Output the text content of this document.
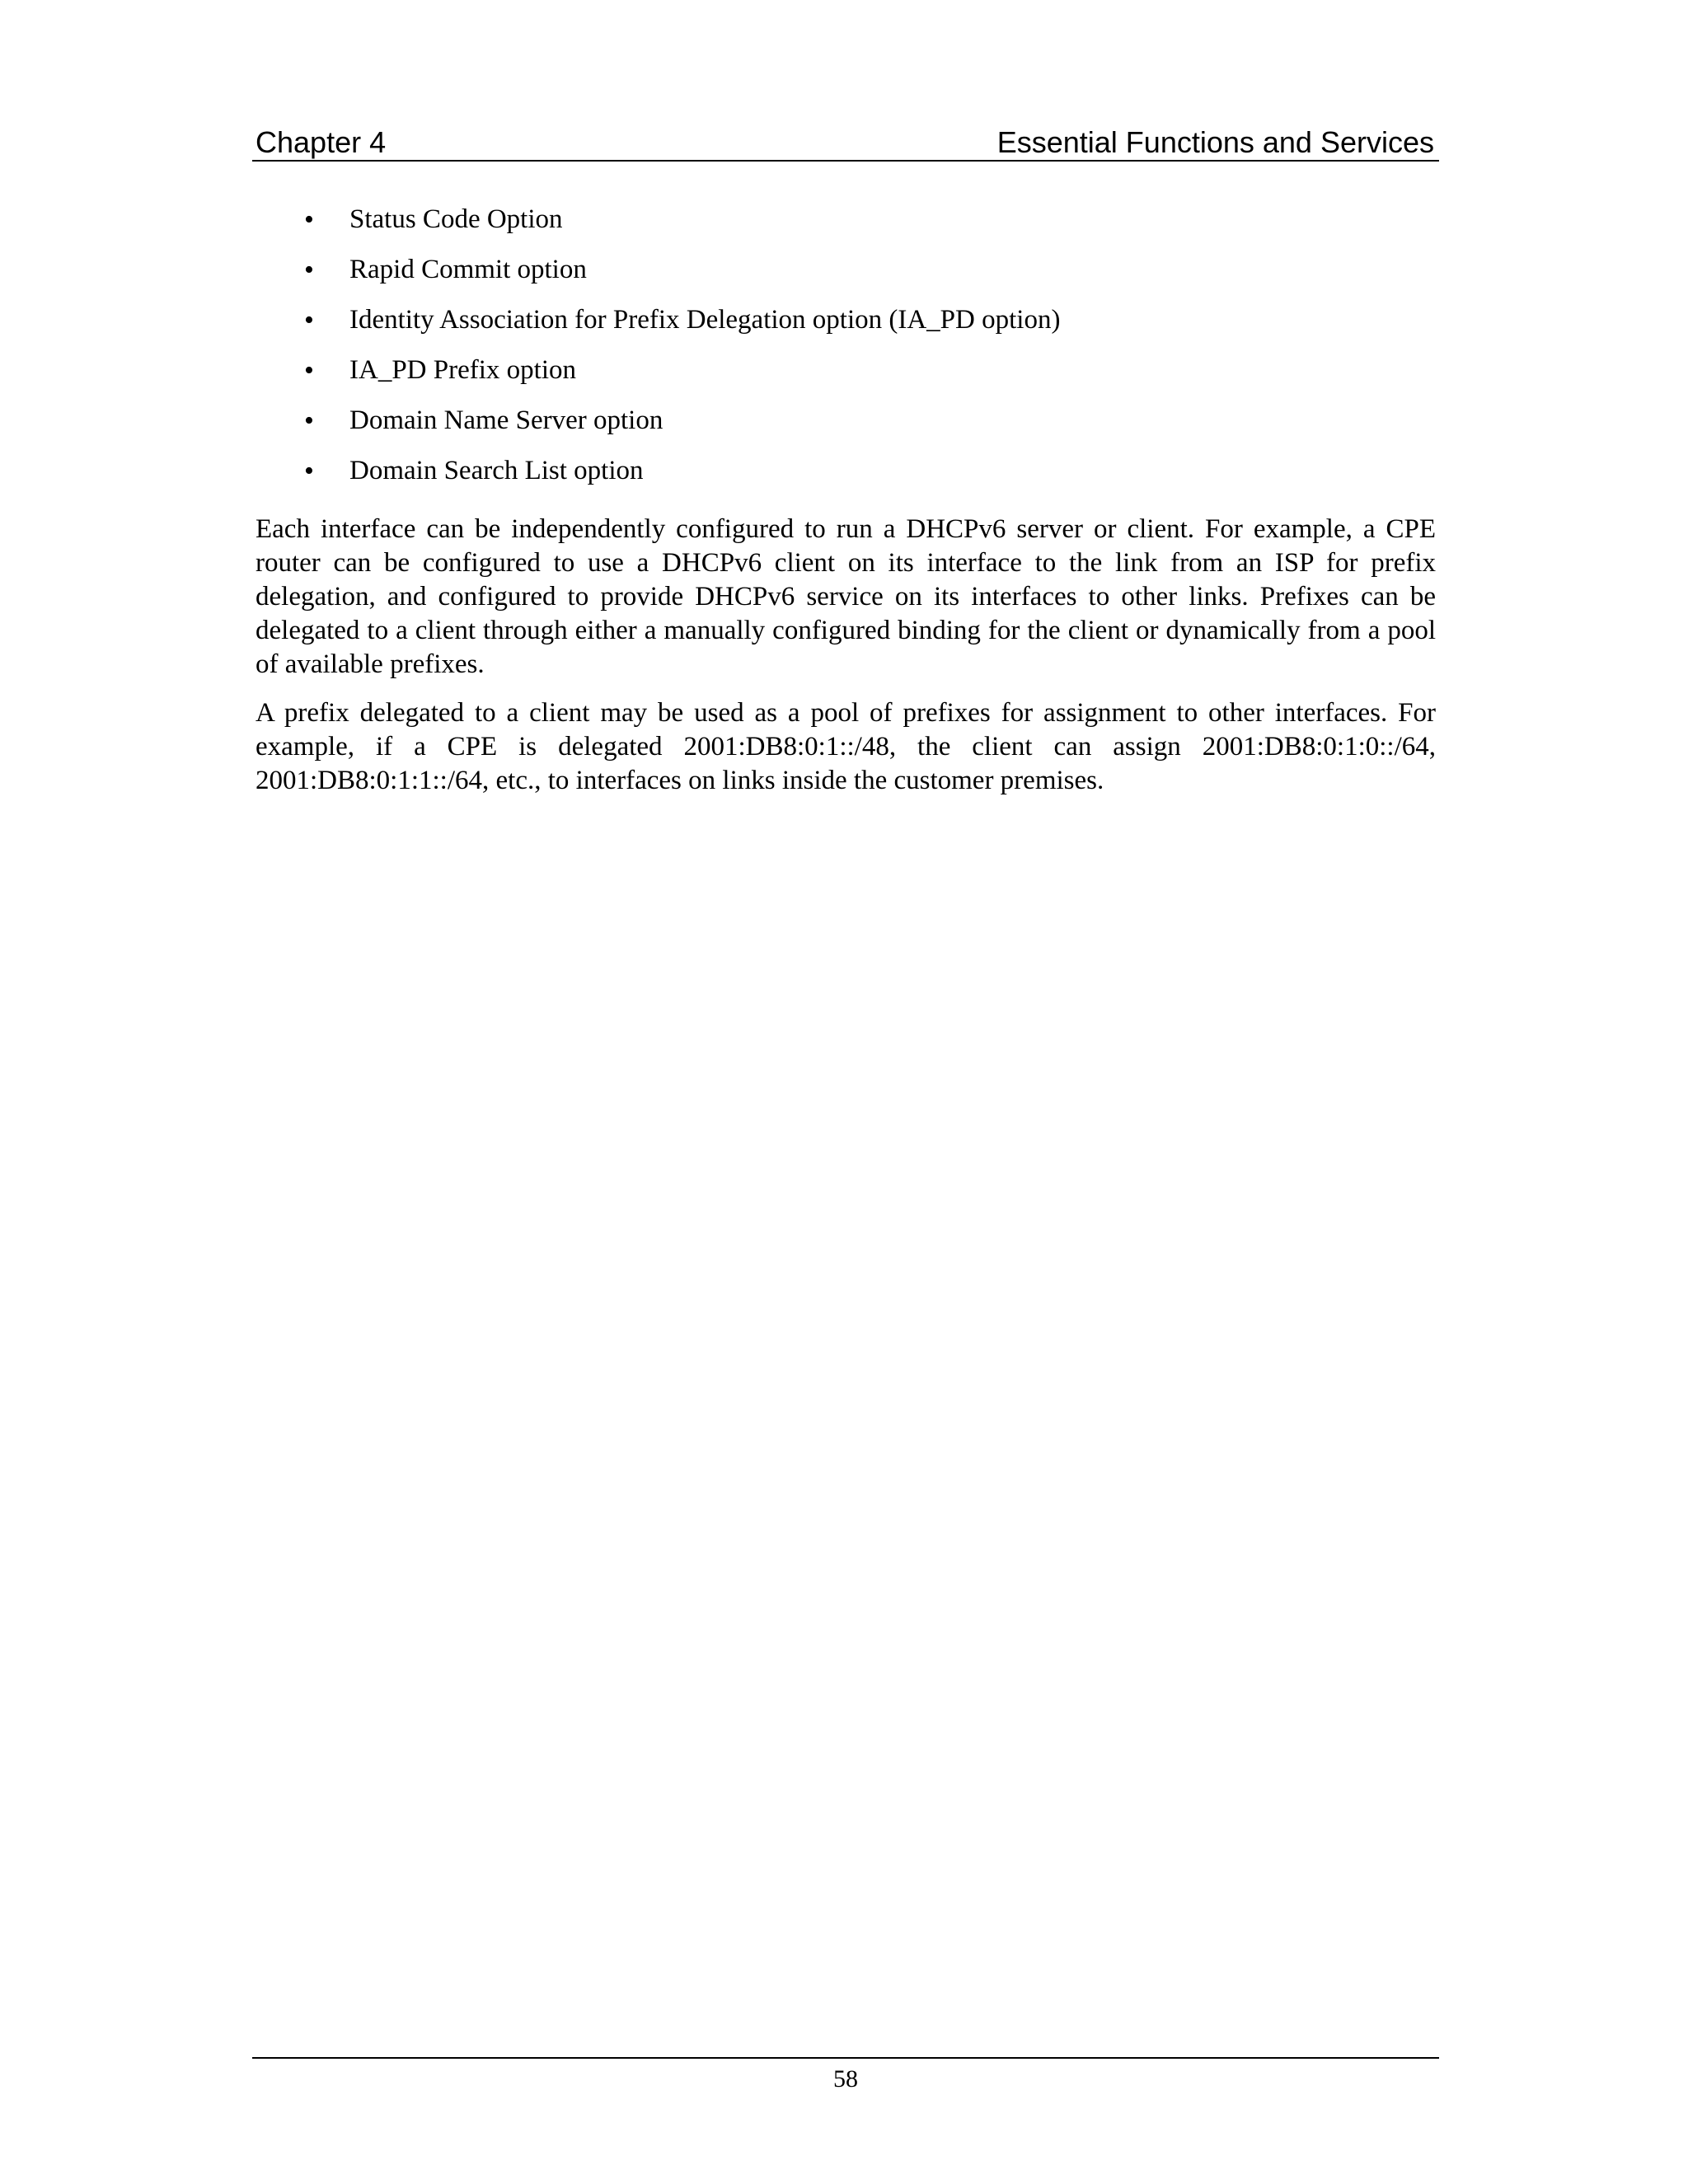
Chapter 4	Essential Functions and Services
• Status Code Option
• Rapid Commit option
• Identity Association for Prefix Delegation option (IA_PD option)
• IA_PD Prefix option
• Domain Name Server option
• Domain Search List option

Each interface can be independently configured to run a DHCPv6 server or client. For example, a CPE router can be configured to use a DHCPv6 client on its interface to the link from an ISP for prefix delegation, and configured to provide DHCPv6 service on its interfaces to other links. Prefixes can be delegated to a client through either a manually configured binding for the client or dynamically from a pool of available prefixes.

A prefix delegated to a client may be used as a pool of prefixes for assignment to other interfaces. For example, if a CPE is delegated 2001:DB8:0:1::/48, the client can assign 2001:DB8:0:1:0::/64, 2001:DB8:0:1:1::/64, etc., to interfaces on links inside the customer premises.

58
